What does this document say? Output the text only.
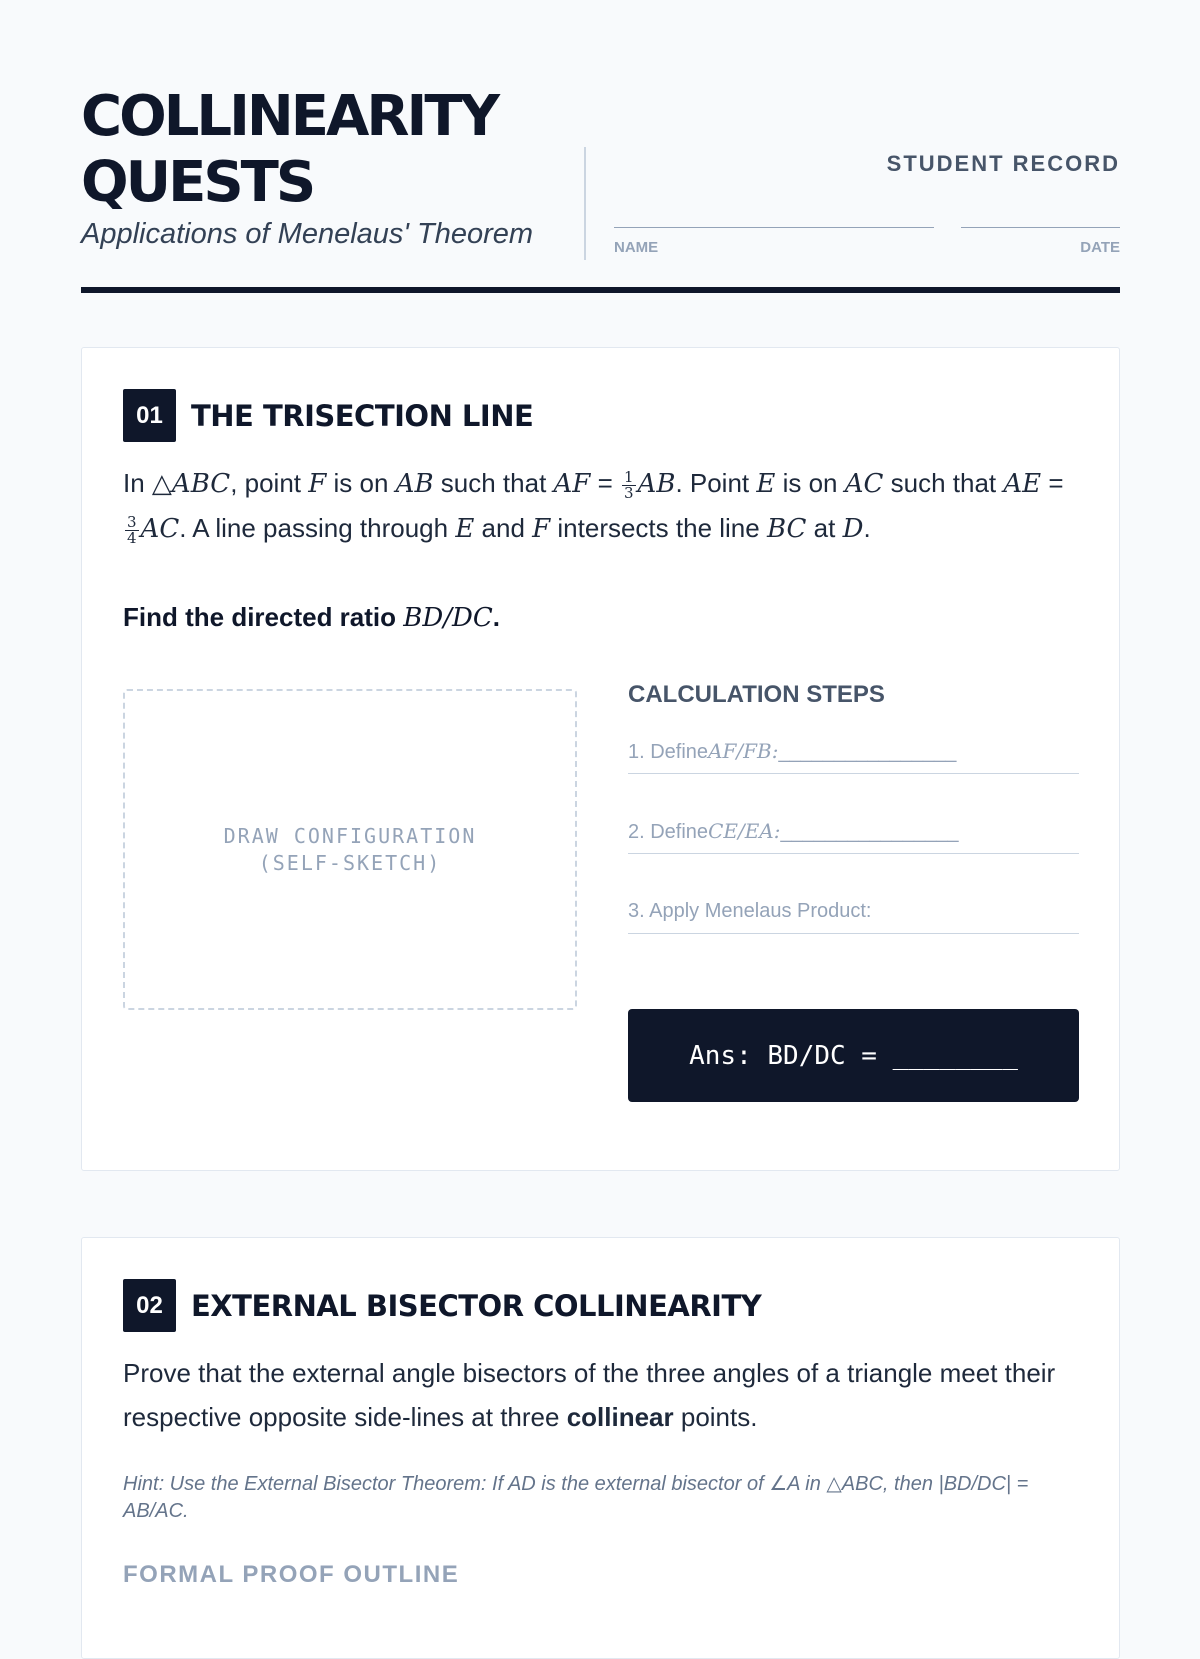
COLLINEARITY
QUESTS
Applications of Menelaus' Theorem
STUDENT RECORD
NAME	DATE
01 THE TRISECTION LINE
In △ABC, point F is on AB such that AF = $\frac{1}{3}$ AB. Point E is on AC such that AE =
$\frac{3}{4}$ AC. A line passing through E and F intersects the line BC at D.
Find the directed ratio BD/DC.
DRAW CONFIGURATION
(SELF-SKETCH)
CALCULATION STEPS
1. DefineAF/FB:________________
2. DefineCE/EA:________________
3. Apply Menelaus Product:
Ans: BD/DC = ________
02 EXTERNAL BISECTOR COLLINEARITY
Prove that the external angle bisectors of the three angles of a triangle meet their respective opposite side-lines at three collinear points.
Hint: Use the External Bisector Theorem: If AD is the external bisector of ∠A in △ABC, then |BD/DC| = AB/AC.
FORMAL PROOF OUTLINE
